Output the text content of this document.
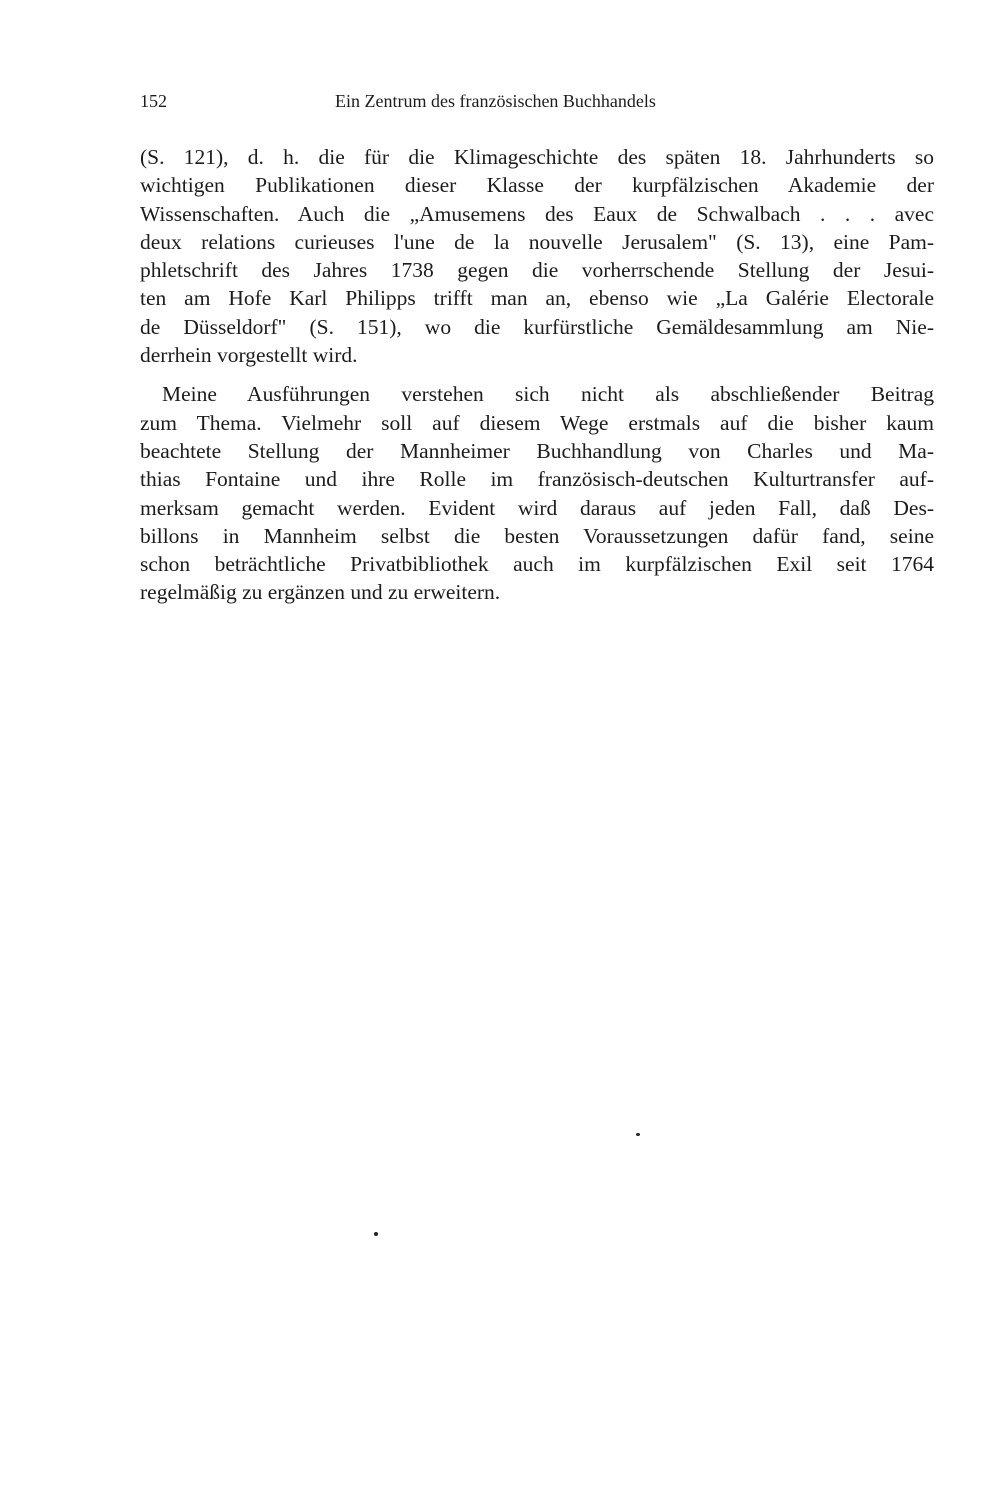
152	Ein Zentrum des französischen Buchhandels
(S. 121), d. h. die für die Klimageschichte des späten 18. Jahrhunderts so
wichtigen Publikationen dieser Klasse der kurpfälzischen Akademie der
Wissenschaften. Auch die „Amusemens des Eaux de Schwalbach . . . avec
deux relations curieuses l'une de la nouvelle Jerusalem" (S. 13), eine Pam-
phletschrift des Jahres 1738 gegen die vorherrschende Stellung der Jesui-
ten am Hofe Karl Philipps trifft man an, ebenso wie „La Galérie Electorale
de Düsseldorf" (S. 151), wo die kurfürstliche Gemäldesammlung am Nie-
derrhein vorgestellt wird.
Meine Ausführungen verstehen sich nicht als abschließender Beitrag
zum Thema. Vielmehr soll auf diesem Wege erstmals auf die bisher kaum
beachtete Stellung der Mannheimer Buchhandlung von Charles und Ma-
thias Fontaine und ihre Rolle im französisch-deutschen Kulturtransfer auf-
merksam gemacht werden. Evident wird daraus auf jeden Fall, daß Des-
billons in Mannheim selbst die besten Voraussetzungen dafür fand, seine
schon beträchtliche Privatbibliothek auch im kurpfälzischen Exil seit 1764
regelmäßig zu ergänzen und zu erweitern.
